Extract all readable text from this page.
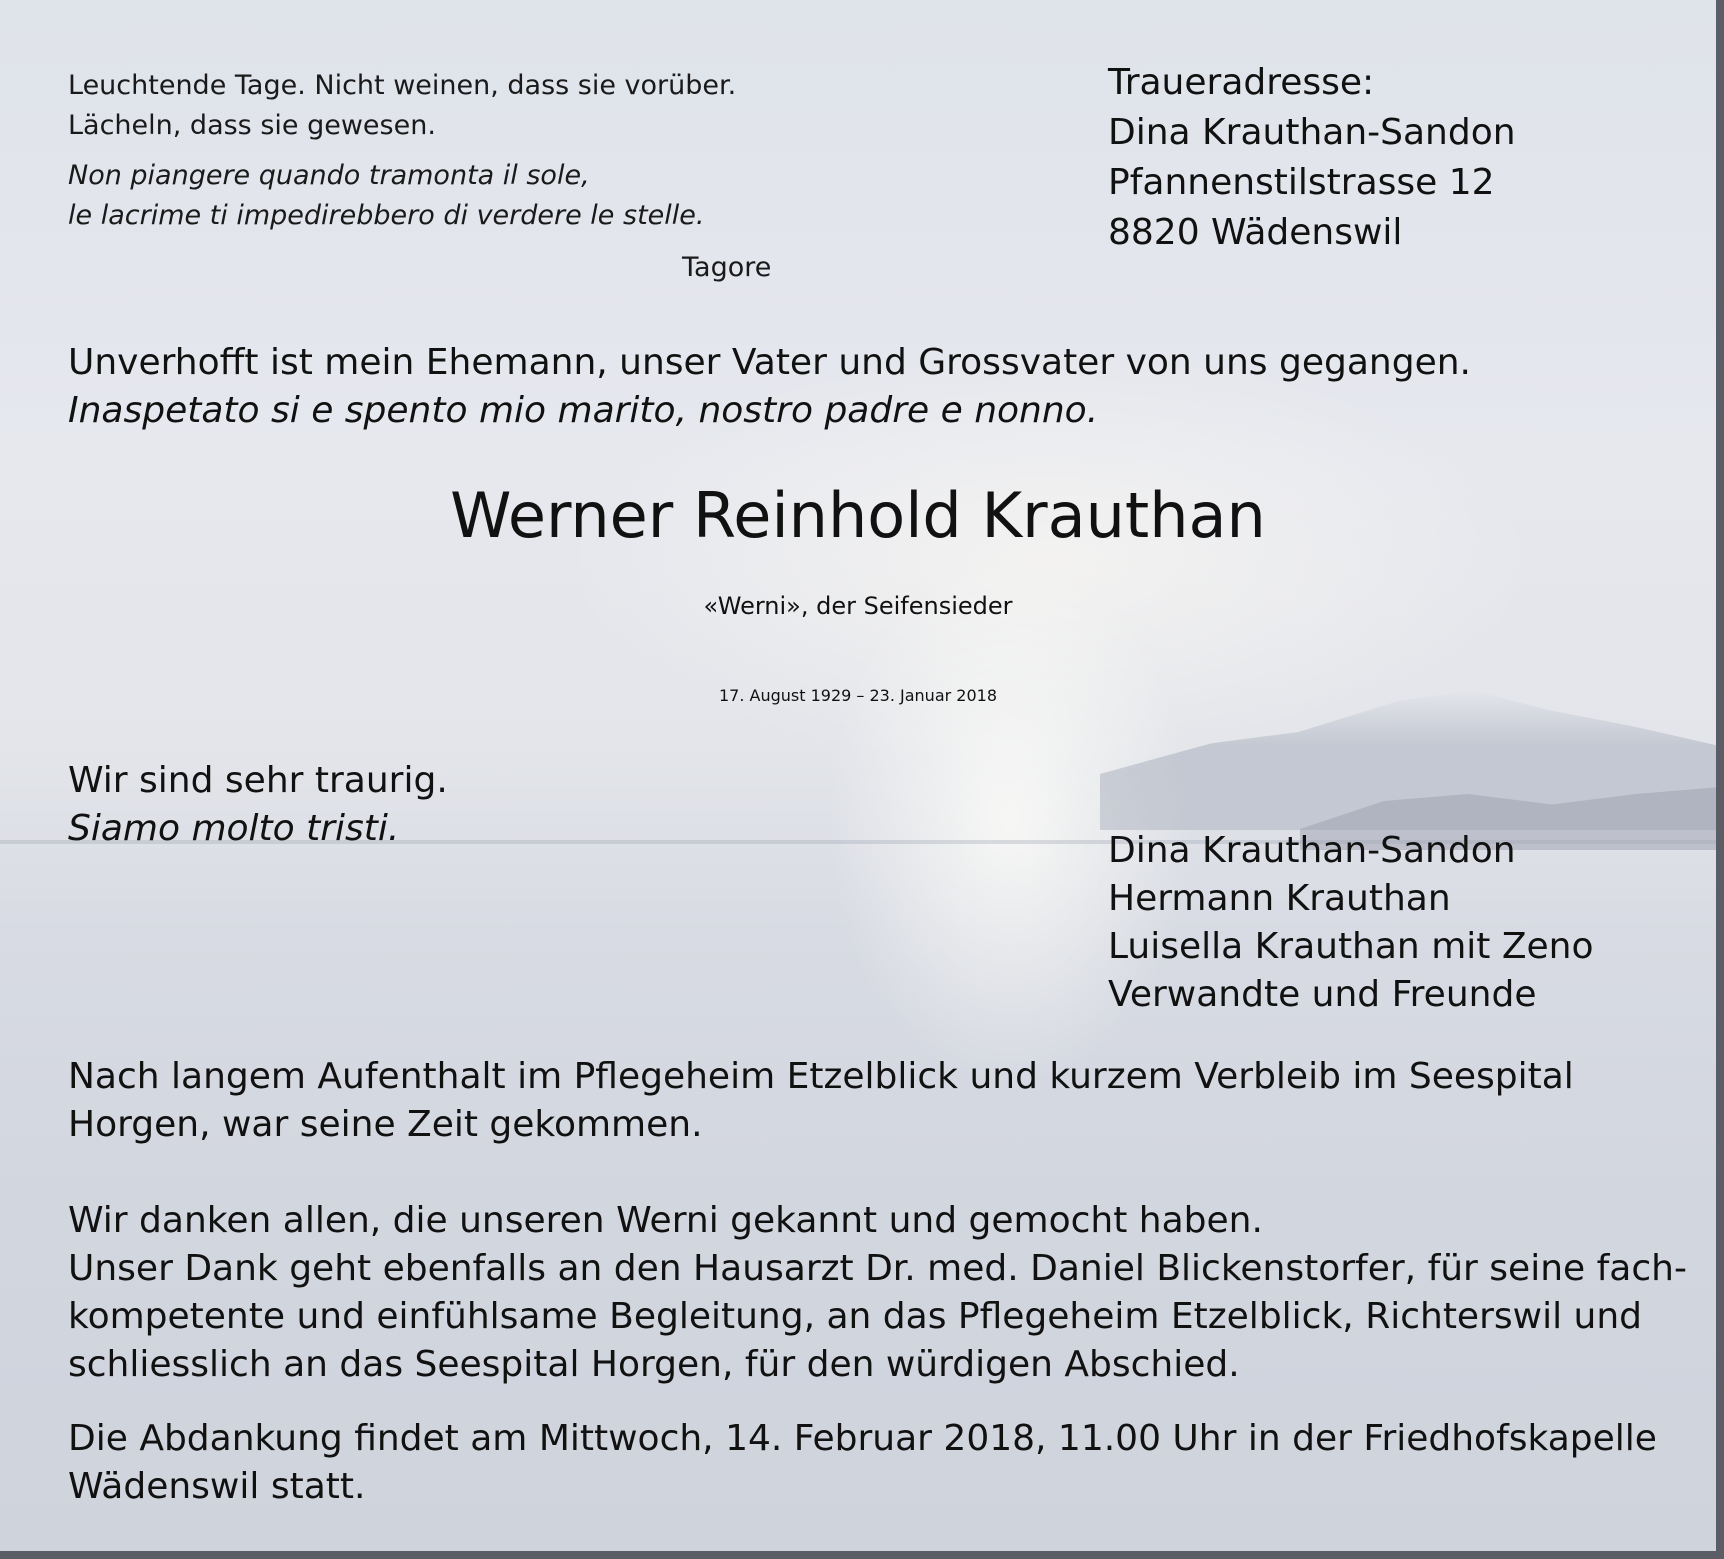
Leuchtende Tage. Nicht weinen, dass sie vorüber.

Lächeln, dass sie gewesen.

Non piangere quando tramonta il sole,

le lacrime ti impedirebbero di verdere le stelle.

Tagore

Traueradresse:

Dina Krauthan-Sandon

Pfannenstilstrasse 12

8820 Wädenswil

Unverhofft ist mein Ehemann, unser Vater und Grossvater von uns gegangen.

Inaspetato si e spento mio marito, nostro padre e nonno.

Werner Reinhold Krauthan

«Werni», der Seifensieder

17. August 1929 – 23. Januar 2018

Wir sind sehr traurig.

Siamo molto tristi.

Dina Krauthan-Sandon

Hermann Krauthan

Luisella Krauthan mit Zeno

Verwandte und Freunde

Nach langem Aufenthalt im Pflegeheim Etzelblick und kurzem Verbleib im Seespital

Horgen, war seine Zeit gekommen.

Wir danken allen, die unseren Werni gekannt und gemocht haben.

Unser Dank geht ebenfalls an den Hausarzt Dr. med. Daniel Blickenstorfer, für seine fach-

kompetente und einfühlsame Begleitung, an das Pflegeheim Etzelblick, Richterswil und

schliesslich an das Seespital Horgen, für den würdigen Abschied.

Die Abdankung findet am Mittwoch, 14. Februar 2018, 11.00 Uhr in der Friedhofskapelle

Wädenswil statt.
